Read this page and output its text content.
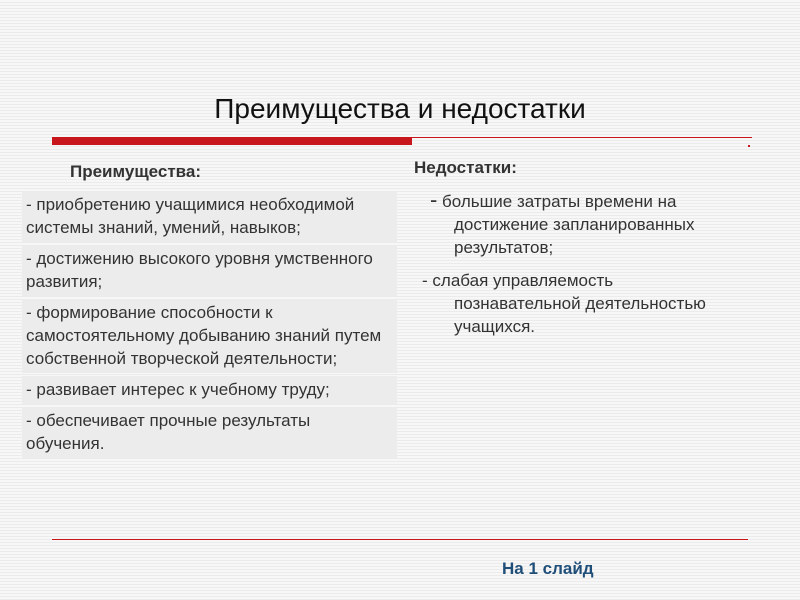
Преимущества и недостатки
Преимущества:
- приобретению учащимися необходимой системы знаний, умений, навыков;
- достижению высокого уровня умственного развития;
- формирование способности к самостоятельному добыванию знаний путем собственной творческой деятельности;
- развивает интерес к учебному труду;
- обеспечивает прочные результаты обучения.
Недостатки:
- большие затраты времени на
достижение запланированных результатов;
- слабая управляемость
познавательной деятельностью учащихся.
На 1 слайд
